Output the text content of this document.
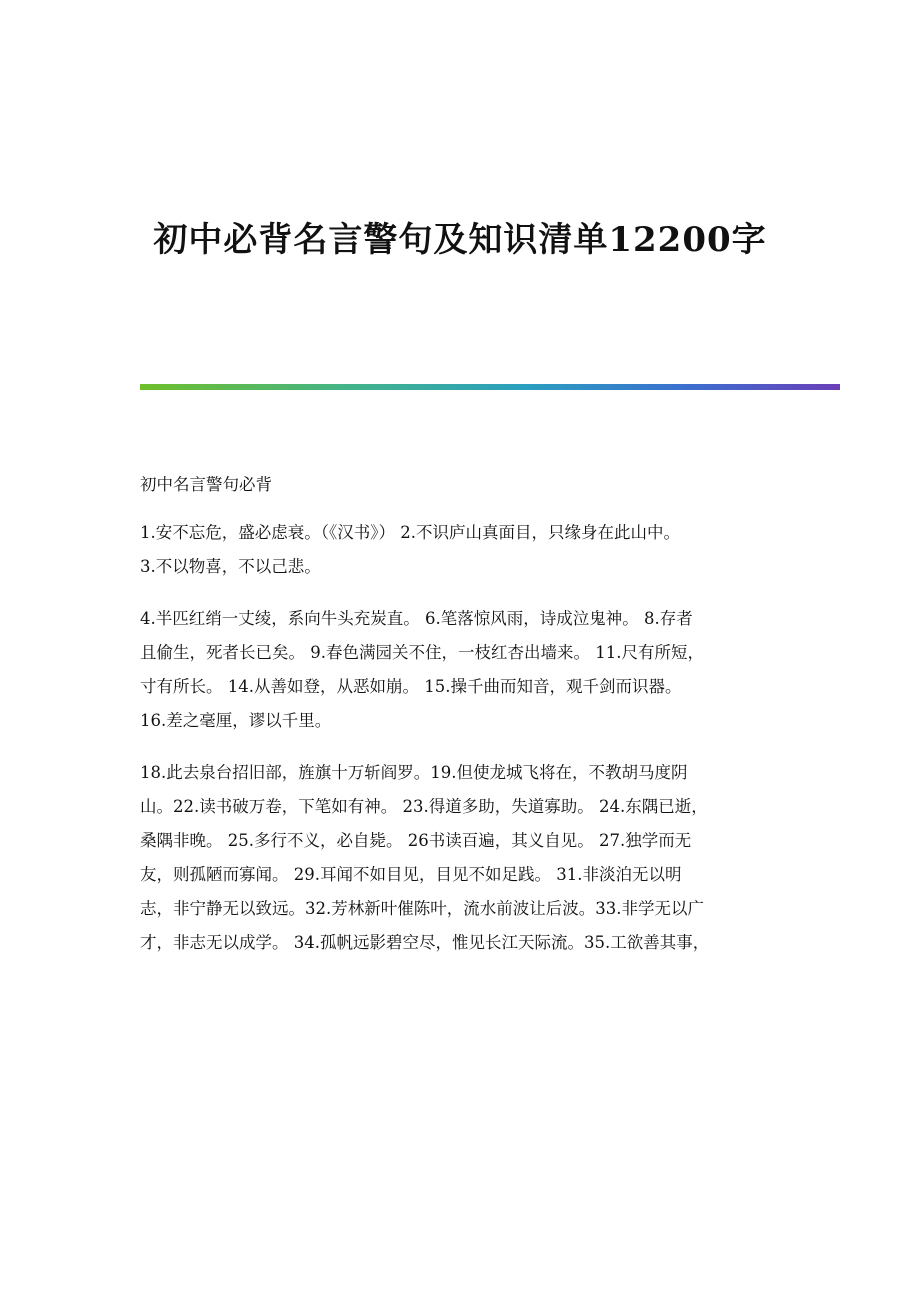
初中必背名言警句及知识清单12200字

初中名言警句必背

1.安不忘危，盛必虑衰。（《汉书》） 2.不识庐山真面目，只缘身在此山中。
3.不以物喜，不以己悲。

4.半匹红绡一丈绫，系向牛头充炭直。 6.笔落惊风雨，诗成泣鬼神。 8.存者
且偷生，死者长已矣。 9.春色满园关不住，一枝红杏出墙来。 11.尺有所短，
寸有所长。 14.从善如登，从恶如崩。 15.操千曲而知音，观千剑而识器。
16.差之毫厘，谬以千里。

18.此去泉台招旧部，旌旗十万斩阎罗。19.但使龙城飞将在，不教胡马度阴
山。22.读书破万卷，下笔如有神。 23.得道多助，失道寡助。 24.东隅已逝，
桑隅非晚。 25.多行不义，必自毙。 26书读百遍，其义自见。 27.独学而无
友，则孤陋而寡闻。 29.耳闻不如目见，目见不如足践。 31.非淡泊无以明
志，非宁静无以致远。32.芳林新叶催陈叶，流水前波让后波。33.非学无以广
才，非志无以成学。 34.孤帆远影碧空尽，惟见长江天际流。35.工欲善其事，
